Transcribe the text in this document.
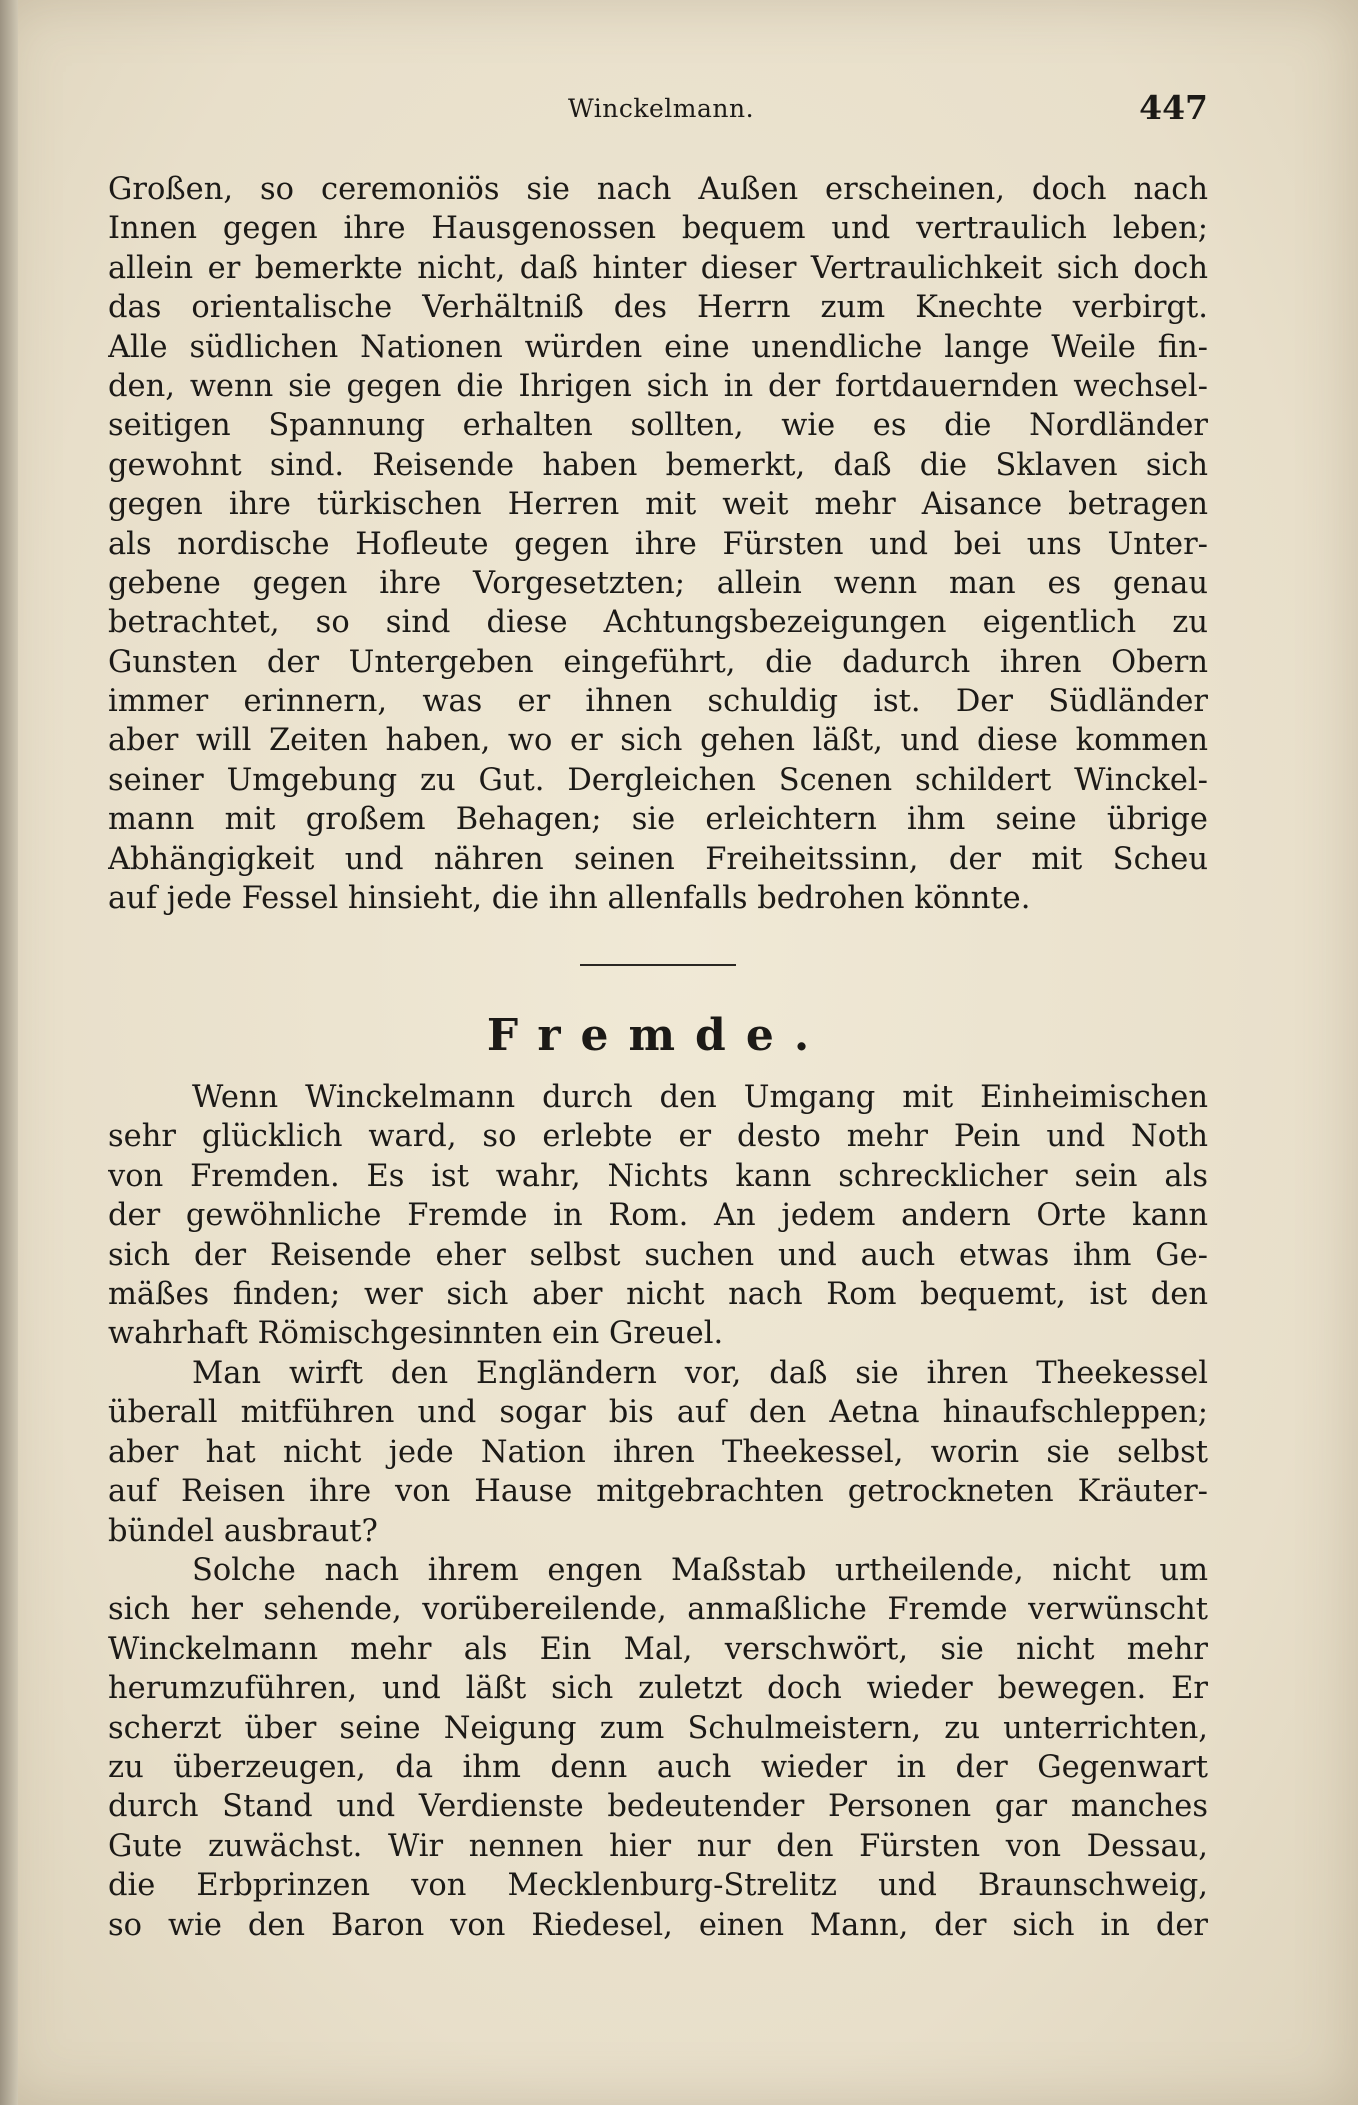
Winckelmann.	447
Großen, so ceremoniös sie nach Außen erscheinen, doch nach
Innen gegen ihre Hausgenossen bequem und vertraulich leben;
allein er bemerkte nicht, daß hinter dieser Vertraulichkeit sich doch
das orientalische Verhältniß des Herrn zum Knechte verbirgt.
Alle südlichen Nationen würden eine unendliche lange Weile fin-
den, wenn sie gegen die Ihrigen sich in der fortdauernden wechsel-
seitigen Spannung erhalten sollten, wie es die Nordländer
gewohnt sind. Reisende haben bemerkt, daß die Sklaven sich
gegen ihre türkischen Herren mit weit mehr Aisance betragen
als nordische Hofleute gegen ihre Fürsten und bei uns Unter-
gebene gegen ihre Vorgesetzten; allein wenn man es genau
betrachtet, so sind diese Achtungsbezeigungen eigentlich zu
Gunsten der Untergeben eingeführt, die dadurch ihren Obern
immer erinnern, was er ihnen schuldig ist. Der Südländer
aber will Zeiten haben, wo er sich gehen läßt, und diese kommen
seiner Umgebung zu Gut. Dergleichen Scenen schildert Winckel-
mann mit großem Behagen; sie erleichtern ihm seine übrige
Abhängigkeit und nähren seinen Freiheitssinn, der mit Scheu
auf jede Fessel hinsieht, die ihn allenfalls bedrohen könnte.
Fremde.
Wenn Winckelmann durch den Umgang mit Einheimischen
sehr glücklich ward, so erlebte er desto mehr Pein und Noth
von Fremden. Es ist wahr, Nichts kann schrecklicher sein als
der gewöhnliche Fremde in Rom. An jedem andern Orte kann
sich der Reisende eher selbst suchen und auch etwas ihm Ge-
mäßes finden; wer sich aber nicht nach Rom bequemt, ist den
wahrhaft Römischgesinnten ein Greuel.
Man wirft den Engländern vor, daß sie ihren Theekessel
überall mitführen und sogar bis auf den Aetna hinaufschleppen;
aber hat nicht jede Nation ihren Theekessel, worin sie selbst
auf Reisen ihre von Hause mitgebrachten getrockneten Kräuter-
bündel ausbraut?
Solche nach ihrem engen Maßstab urtheilende, nicht um
sich her sehende, vorübereilende, anmaßliche Fremde verwünscht
Winckelmann mehr als Ein Mal, verschwört, sie nicht mehr
herumzuführen, und läßt sich zuletzt doch wieder bewegen. Er
scherzt über seine Neigung zum Schulmeistern, zu unterrichten,
zu überzeugen, da ihm denn auch wieder in der Gegenwart
durch Stand und Verdienste bedeutender Personen gar manches
Gute zuwächst. Wir nennen hier nur den Fürsten von Dessau,
die Erbprinzen von Mecklenburg-Strelitz und Braunschweig,
so wie den Baron von Riedesel, einen Mann, der sich in der
